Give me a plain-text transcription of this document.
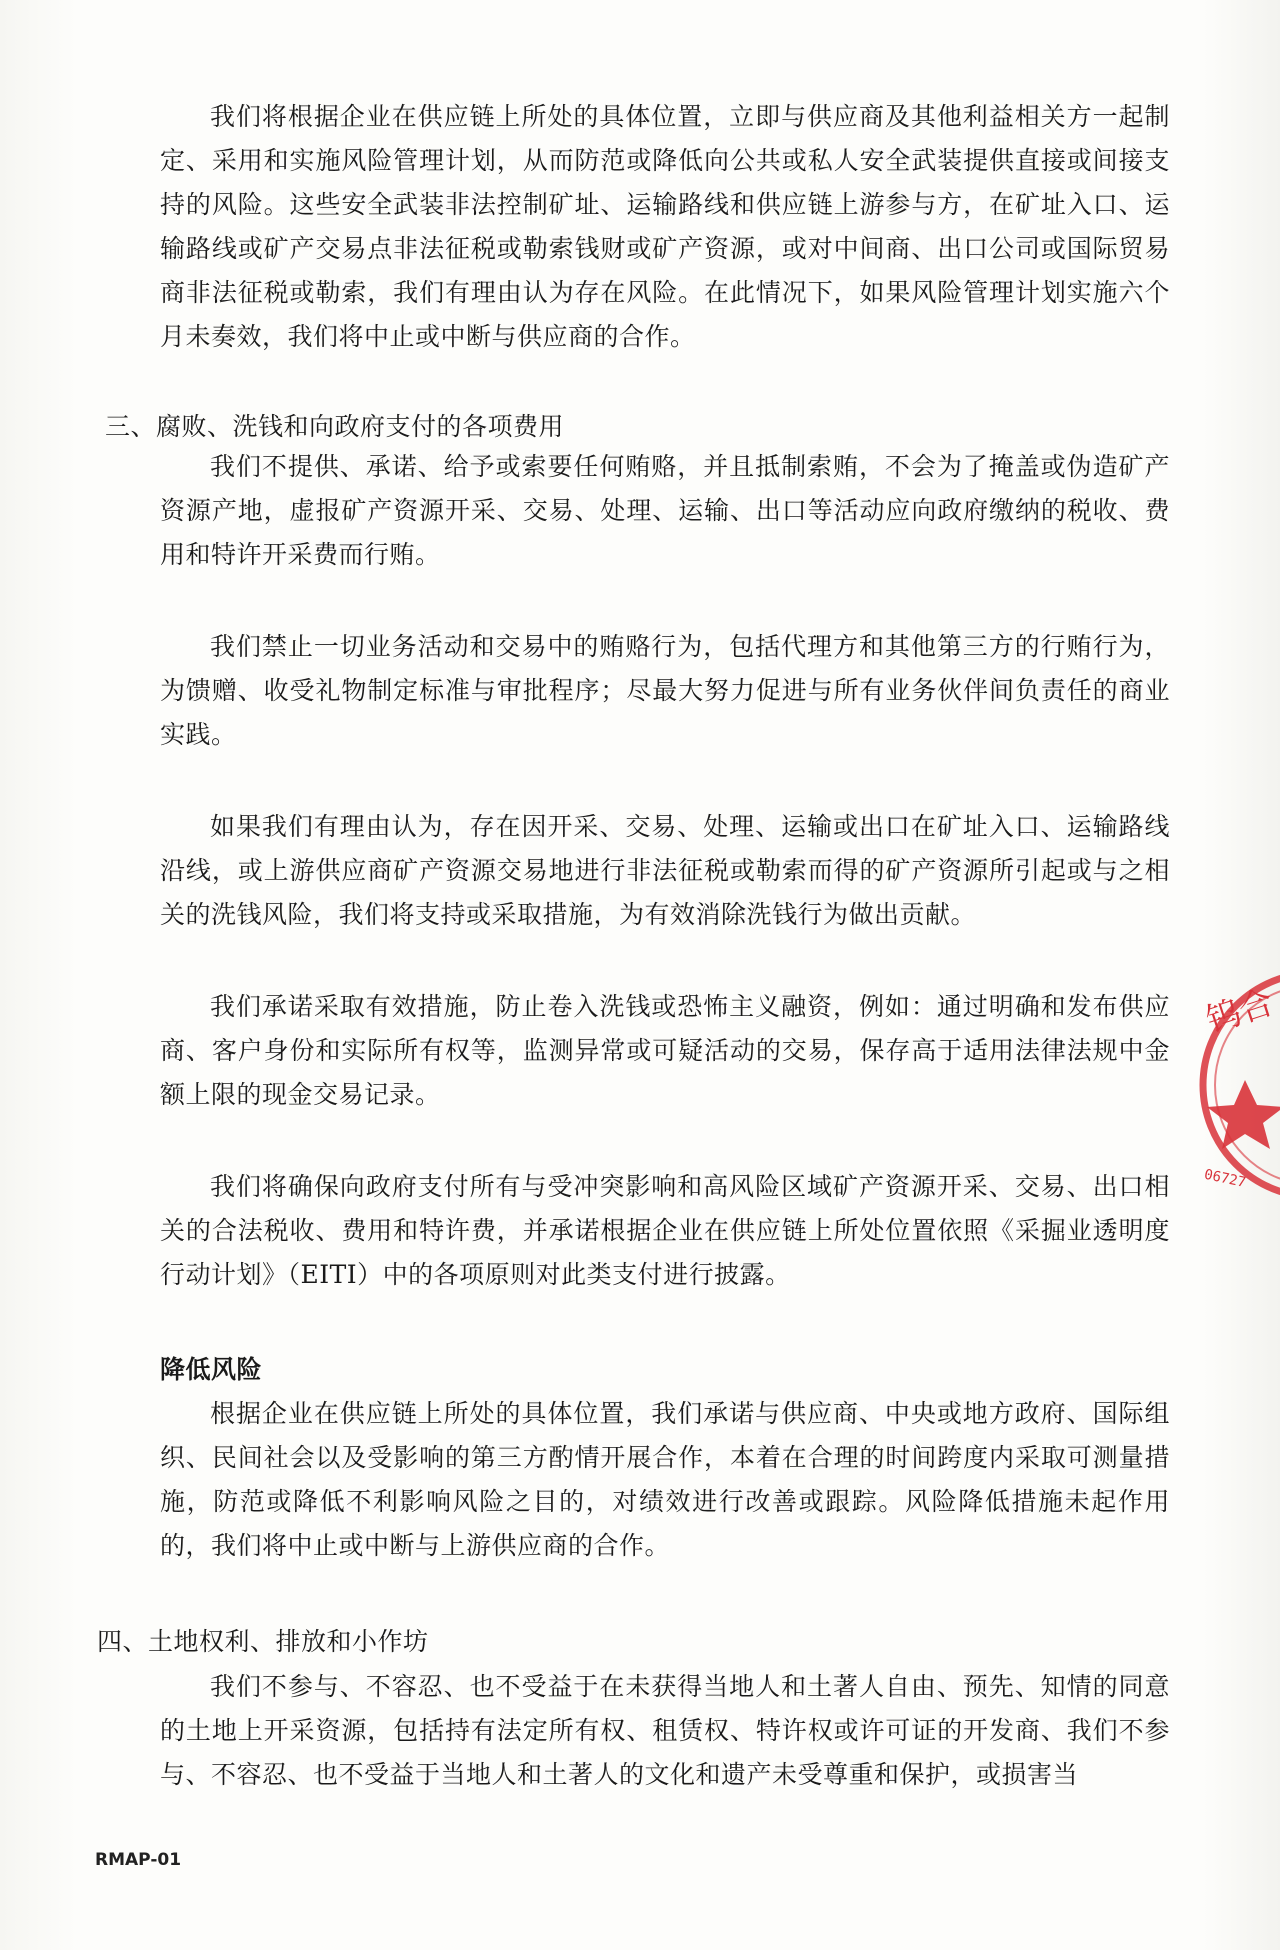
我们将根据企业在供应链上所处的具体位置，立即与供应商及其他利益相关方一起制定、采用和实施风险管理计划，从而防范或降低向公共或私人安全武装提供直接或间接支持的风险。这些安全武装非法控制矿址、运输路线和供应链上游参与方，在矿址入口、运输路线或矿产交易点非法征税或勒索钱财或矿产资源，或对中间商、出口公司或国际贸易商非法征税或勒索，我们有理由认为存在风险。在此情况下，如果风险管理计划实施六个月未奏效，我们将中止或中断与供应商的合作。

三、腐败、洗钱和向政府支付的各项费用

我们不提供、承诺、给予或索要任何贿赂，并且抵制索贿，不会为了掩盖或伪造矿产资源产地，虚报矿产资源开采、交易、处理、运输、出口等活动应向政府缴纳的税收、费用和特许开采费而行贿。

我们禁止一切业务活动和交易中的贿赂行为，包括代理方和其他第三方的行贿行为，为馈赠、收受礼物制定标准与审批程序；尽最大努力促进与所有业务伙伴间负责任的商业实践。

如果我们有理由认为，存在因开采、交易、处理、运输或出口在矿址入口、运输路线沿线，或上游供应商矿产资源交易地进行非法征税或勒索而得的矿产资源所引起或与之相关的洗钱风险，我们将支持或采取措施，为有效消除洗钱行为做出贡献。

我们承诺采取有效措施，防止卷入洗钱或恐怖主义融资，例如：通过明确和发布供应商、客户身份和实际所有权等，监测异常或可疑活动的交易，保存高于适用法律法规中金额上限的现金交易记录。

我们将确保向政府支付所有与受冲突影响和高风险区域矿产资源开采、交易、出口相关的合法税收、费用和特许费，并承诺根据企业在供应链上所处位置依照《采掘业透明度行动计划》（EITI）中的各项原则对此类支付进行披露。

降低风险

根据企业在供应链上所处的具体位置，我们承诺与供应商、中央或地方政府、国际组织、民间社会以及受影响的第三方酌情开展合作，本着在合理的时间跨度内采取可测量措施，防范或降低不利影响风险之目的，对绩效进行改善或跟踪。风险降低措施未起作用的，我们将中止或中断与上游供应商的合作。

四、土地权利、排放和小作坊

我们不参与、不容忍、也不受益于在未获得当地人和土著人自由、预先、知情的同意的土地上开采资源，包括持有法定所有权、租赁权、特许权或许可证的开发商、我们不参与、不容忍、也不受益于当地人和土著人的文化和遗产未受尊重和保护，或损害当

RMAP-01
钨合
06727
